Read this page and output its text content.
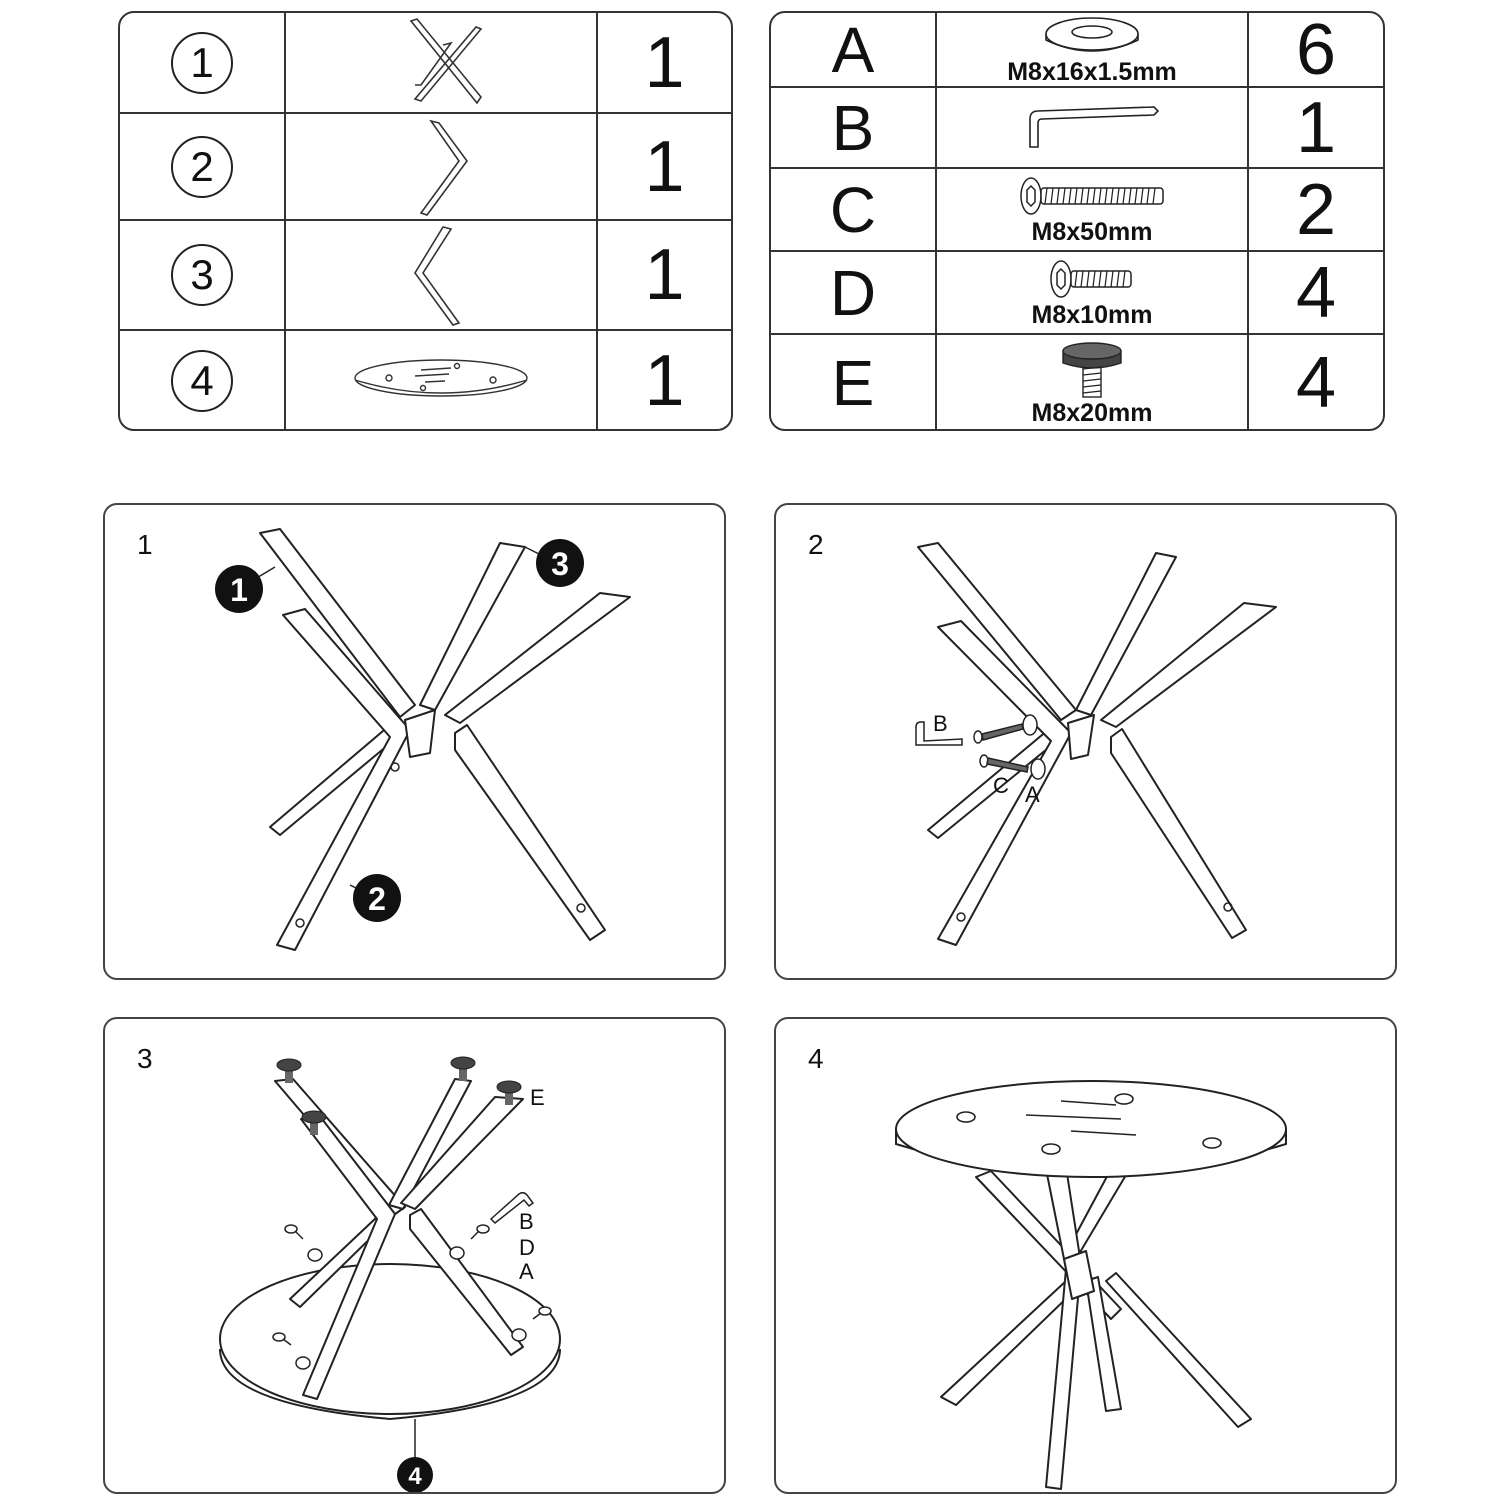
1	1
2	1
3	1
4	1
A	M8x16x1.5mm 6
B	1
C	M8x50mm 2
D	M8x10mm 4
E	M8x20mm 4
1
1
3
2
2
B
C A
3
4
E
B
D
A
4
